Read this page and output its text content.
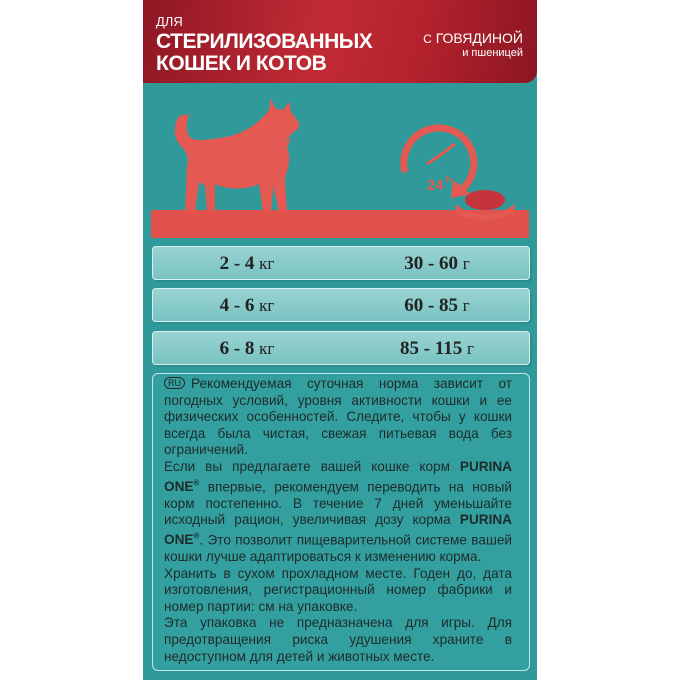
ДЛЯ
СТЕРИЛИЗОВАННЫХ
КОШЕК И КОТОВ
С ГОВЯДИНОЙ
и пшеницей
24 h
2 - 4 кг	30 - 60 г
4 - 6 кг	60 - 85 г
6 - 8 кг	85 - 115 г

RU Рекомендуемая суточная норма зависит от погодных условий, уровня активности кошки и ее физических особенностей. Следите, чтобы у кошки всегда была чистая, свежая питьевая вода без ограничений.

Если вы предлагаете вашей кошке корм PURINA ONE® впервые, рекомендуем переводить на новый корм постепенно. В течение 7 дней уменьшайте исходный рацион, увеличивая дозу корма PURINA ONE®. Это позволит пищеварительной системе вашей кошки лучше адаптироваться к изменению корма.

Хранить в сухом прохладном месте. Годен до, дата изготовления, регистрационный номер фабрики и номер партии: см на упаковке.

Эта упаковка не предназначена для игры. Для предотвращения риска удушения храните в недоступном для детей и животных месте.
